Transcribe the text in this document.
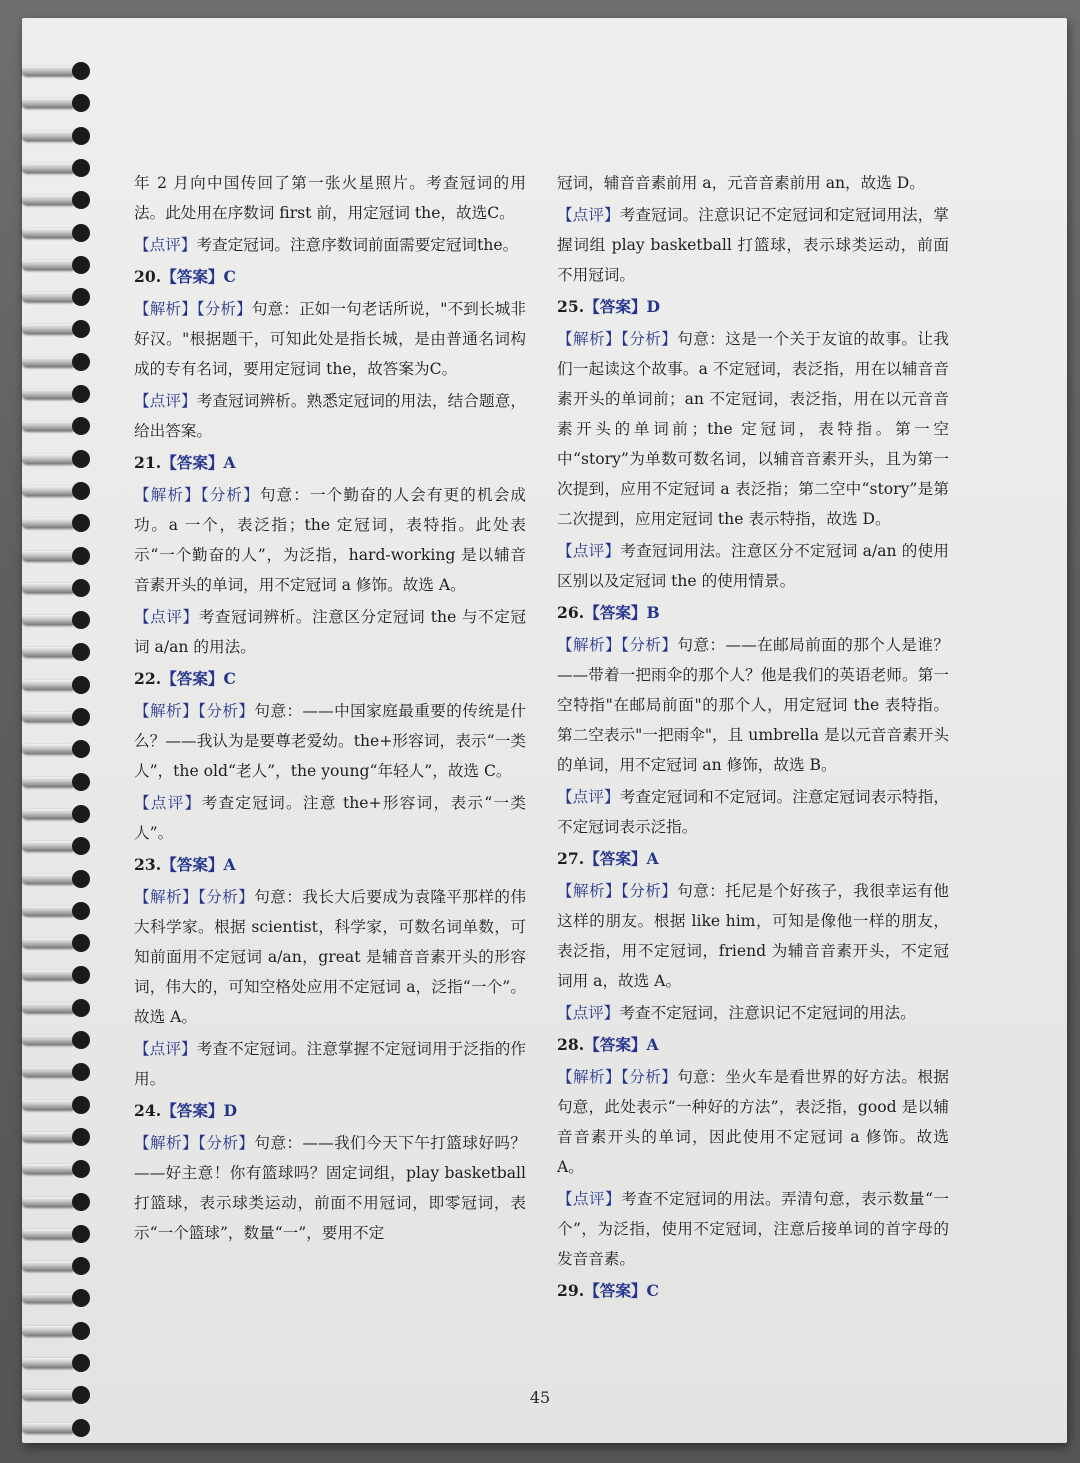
年 2 月向中国传回了第一张火星照片。考查冠词的用法。此处用在序数词 first 前，用定冠词 the，故选C。
【点评】考查定冠词。注意序数词前面需要定冠词the。
20.【答案】C
【解析】【分析】句意：正如一句老话所说，"不到长城非好汉。"根据题干，可知此处是指长城，是由普通名词构成的专有名词，要用定冠词 the，故答案为C。
【点评】考查冠词辨析。熟悉定冠词的用法，结合题意，给出答案。
21.【答案】A
【解析】【分析】句意：一个勤奋的人会有更的机会成功。a 一个，表泛指；the 定冠词，表特指。此处表示“一个勤奋的人”，为泛指，hard-working 是以辅音音素开头的单词，用不定冠词 a 修饰。故选 A。
【点评】考查冠词辨析。注意区分定冠词 the 与不定冠词 a/an 的用法。
22.【答案】C
【解析】【分析】句意：——中国家庭最重要的传统是什么？——我认为是要尊老爱幼。the+形容词，表示“一类人”，the old“老人”，the young“年轻人”，故选 C。
【点评】考查定冠词。注意 the+形容词，表示“一类人”。
23.【答案】A
【解析】【分析】句意：我长大后要成为袁隆平那样的伟大科学家。根据 scientist，科学家，可数名词单数，可知前面用不定冠词 a/an，great 是辅音音素开头的形容词，伟大的，可知空格处应用不定冠词 a，泛指“一个”。故选 A。
【点评】考查不定冠词。注意掌握不定冠词用于泛指的作用。
24.【答案】D
【解析】【分析】句意：——我们今天下午打篮球好吗？——好主意！你有篮球吗？固定词组，play basketball 打篮球，表示球类运动，前面不用冠词，即零冠词，表示“一个篮球”，数量“一”，要用不定
冠词，辅音音素前用 a，元音音素前用 an，故选 D。
【点评】考查冠词。注意识记不定冠词和定冠词用法，掌握词组 play basketball 打篮球，表示球类运动，前面不用冠词。
25.【答案】D
【解析】【分析】句意：这是一个关于友谊的故事。让我们一起读这个故事。a 不定冠词，表泛指，用在以辅音音素开头的单词前；an 不定冠词，表泛指，用在以元音音素开头的单词前；the 定冠词，表特指。第一空中“story”为单数可数名词，以辅音音素开头，且为第一次提到，应用不定冠词 a 表泛指；第二空中“story”是第二次提到，应用定冠词 the 表示特指，故选 D。
【点评】考查冠词用法。注意区分不定冠词 a/an 的使用区别以及定冠词 the 的使用情景。
26.【答案】B
【解析】【分析】句意：——在邮局前面的那个人是谁？——带着一把雨伞的那个人？他是我们的英语老师。第一空特指"在邮局前面"的那个人，用定冠词 the 表特指。第二空表示"一把雨伞"，且 umbrella 是以元音音素开头的单词，用不定冠词 an 修饰，故选 B。
【点评】考查定冠词和不定冠词。注意定冠词表示特指，不定冠词表示泛指。
27.【答案】A
【解析】【分析】句意：托尼是个好孩子，我很幸运有他这样的朋友。根据 like him，可知是像他一样的朋友，表泛指，用不定冠词，friend 为辅音音素开头，不定冠词用 a，故选 A。
【点评】考查不定冠词，注意识记不定冠词的用法。
28.【答案】A
【解析】【分析】句意：坐火车是看世界的好方法。根据句意，此处表示“一种好的方法”，表泛指，good 是以辅音音素开头的单词，因此使用不定冠词 a 修饰。故选 A。
【点评】考查不定冠词的用法。弄清句意，表示数量“一个”，为泛指，使用不定冠词，注意后接单词的首字母的发音音素。
29.【答案】C
45
